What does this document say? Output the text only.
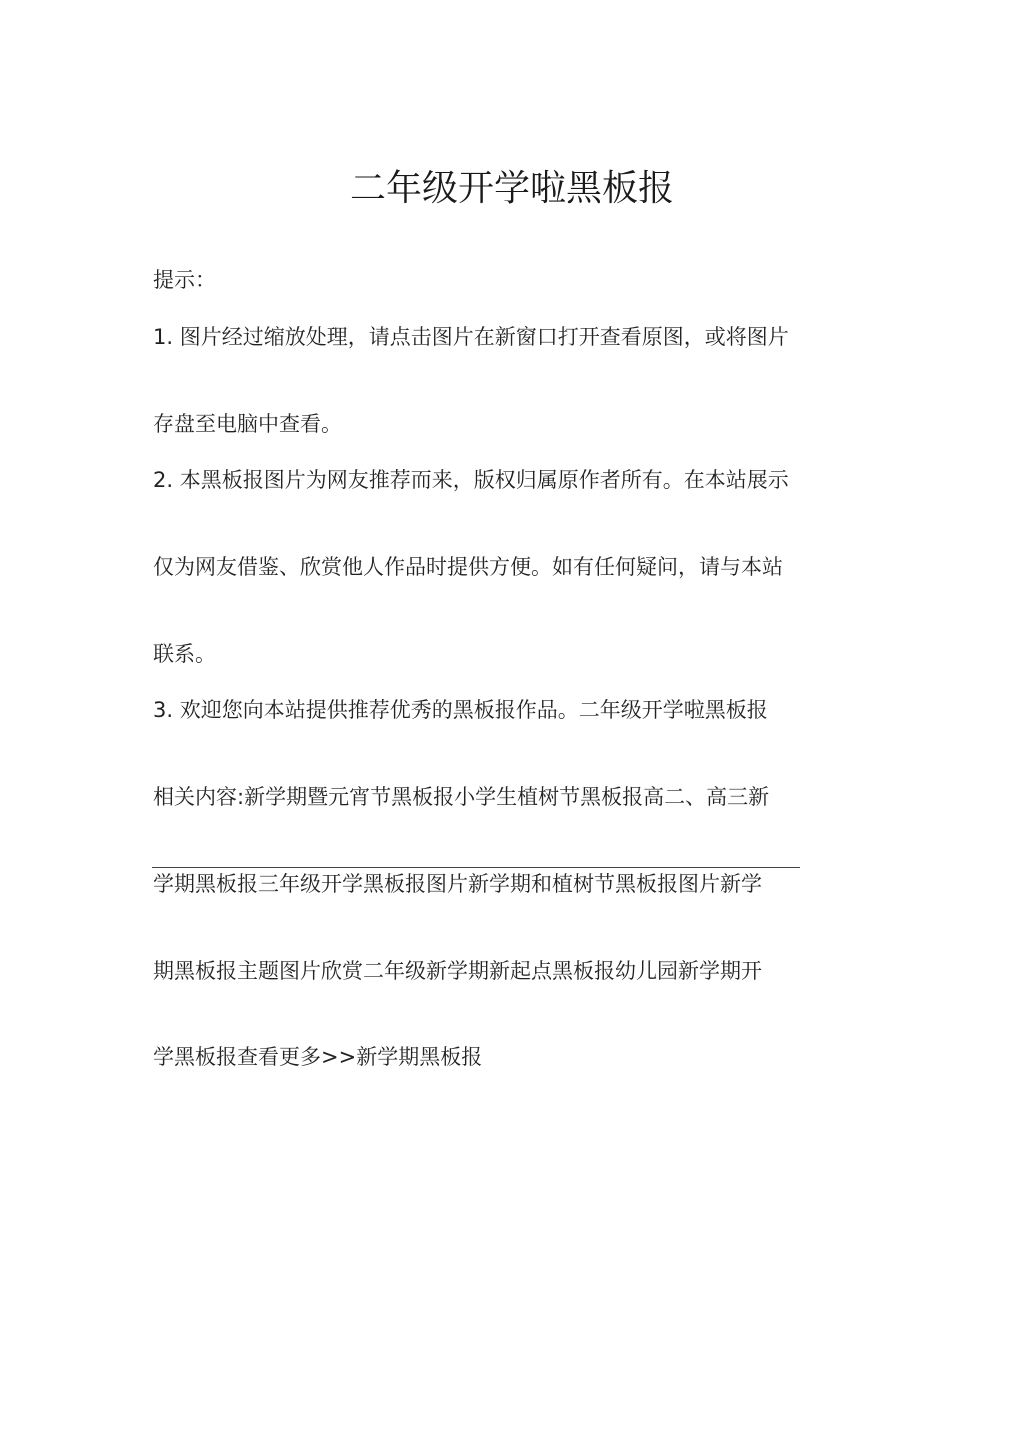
二年级开学啦黑板报

提示：

1. 图片经过缩放处理，请点击图片在新窗口打开查看原图，或将图片

存盘至电脑中查看。

2. 本黑板报图片为网友推荐而来，版权归属原作者所有。在本站展示

仅为网友借鉴、欣赏他人作品时提供方便。如有任何疑问，请与本站

联系。

3. 欢迎您向本站提供推荐优秀的黑板报作品。二年级开学啦黑板报

相关内容:新学期暨元宵节黑板报小学生植树节黑板报高二、高三新

学期黑板报三年级开学黑板报图片新学期和植树节黑板报图片新学

期黑板报主题图片欣赏二年级新学期新起点黑板报幼儿园新学期开

学黑板报查看更多>>新学期黑板报
